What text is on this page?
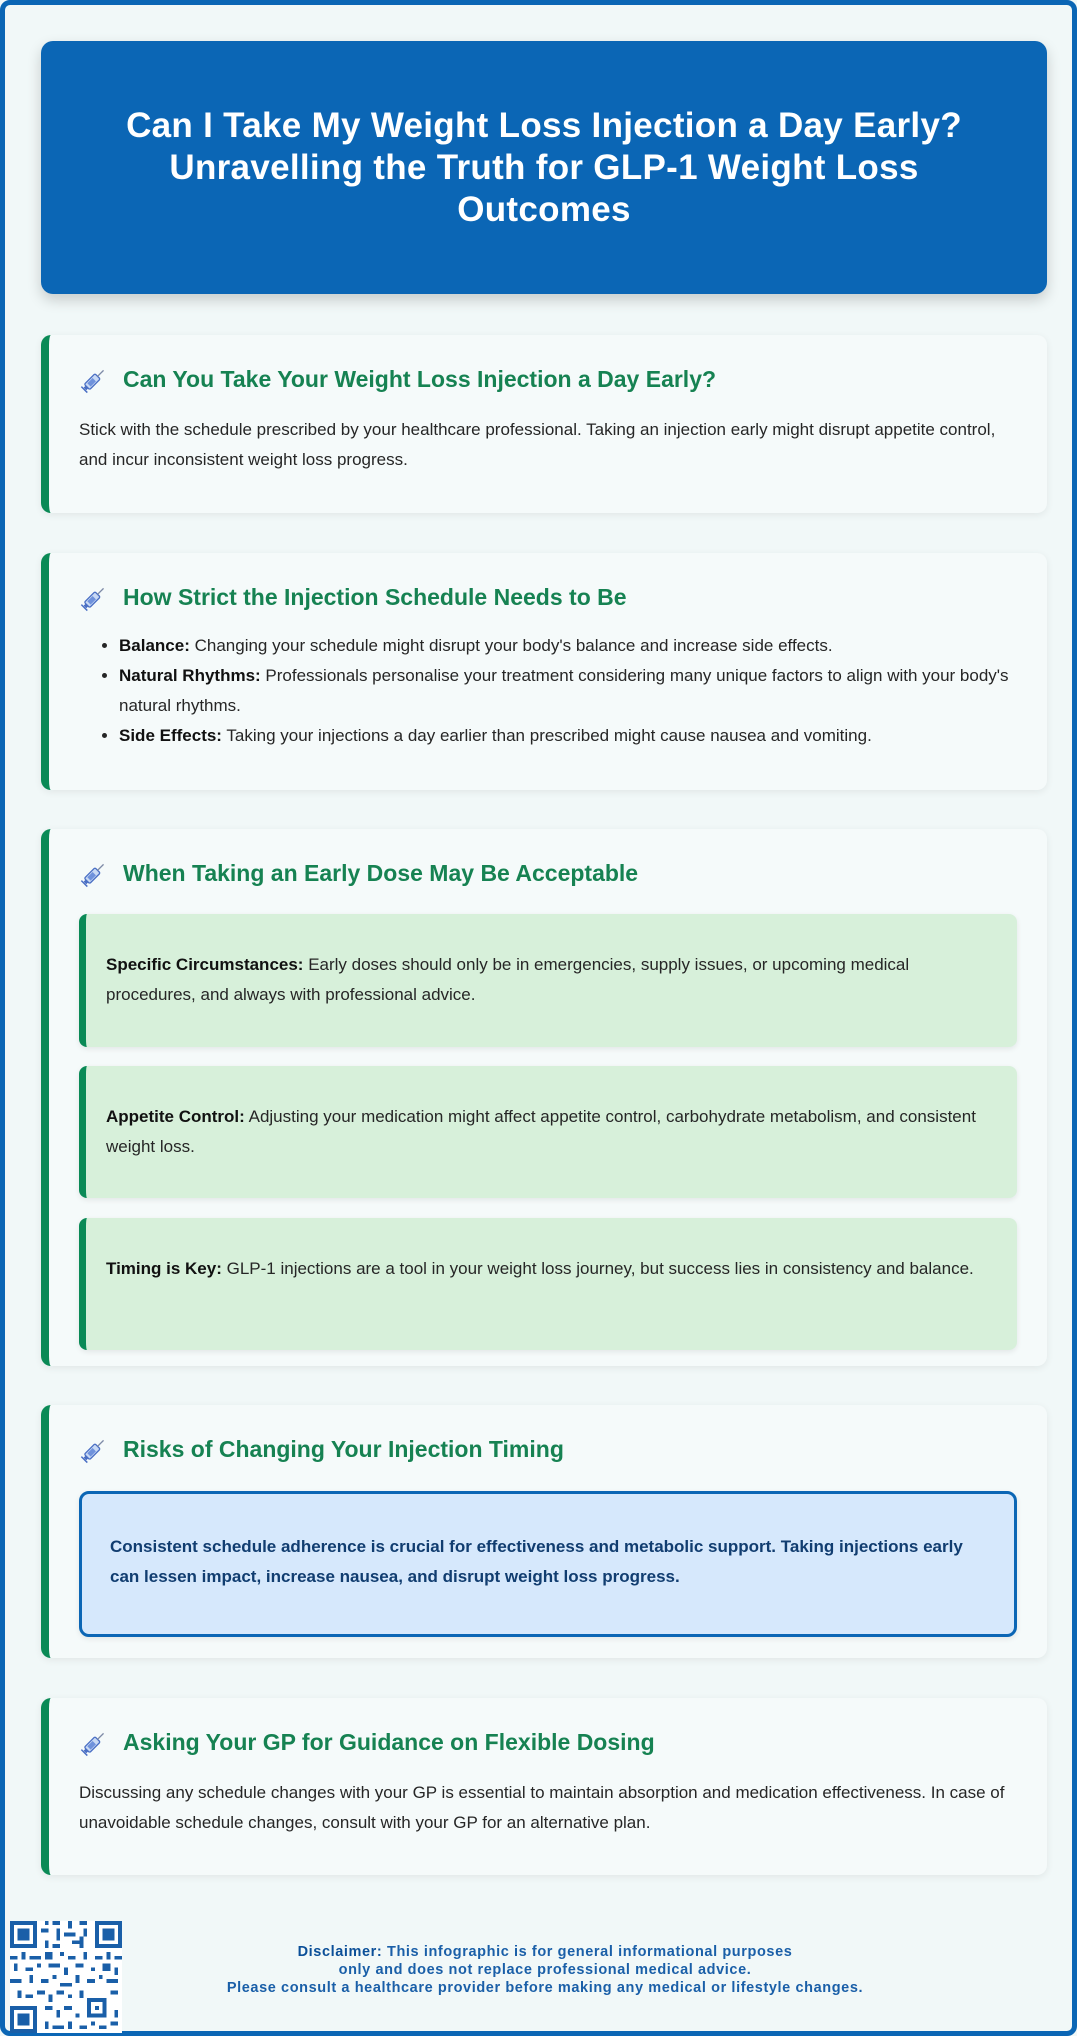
Can I Take My Weight Loss Injection a Day Early? Unravelling the Truth for GLP-1 Weight Loss Outcomes
Can You Take Your Weight Loss Injection a Day Early?

Stick with the schedule prescribed by your healthcare professional. Taking an injection early might disrupt appetite control, and incur inconsistent weight loss progress.

How Strict the Injection Schedule Needs to Be
• Balance: Changing your schedule might disrupt your body's balance and increase side effects.
• Natural Rhythms: Professionals personalise your treatment considering many unique factors to align with your body's natural rhythms.
• Side Effects: Taking your injections a day earlier than prescribed might cause nausea and vomiting.
When Taking an Early Dose May Be Acceptable
Specific Circumstances: Early doses should only be in emergencies, supply issues, or upcoming medical procedures, and always with professional advice.
Appetite Control: Adjusting your medication might affect appetite control, carbohydrate metabolism, and consistent weight loss.
Timing is Key: GLP-1 injections are a tool in your weight loss journey, but success lies in consistency and balance.
Risks of Changing Your Injection Timing
Consistent schedule adherence is crucial for effectiveness and metabolic support. Taking injections early can lessen impact, increase nausea, and disrupt weight loss progress.
Asking Your GP for Guidance on Flexible Dosing

Discussing any schedule changes with your GP is essential to maintain absorption and medication effectiveness. In case of unavoidable schedule changes, consult with your GP for an alternative plan.

Disclaimer: This infographic is for general informational purposes
only and does not replace professional medical advice.
Please consult a healthcare provider before making any medical or lifestyle changes.
